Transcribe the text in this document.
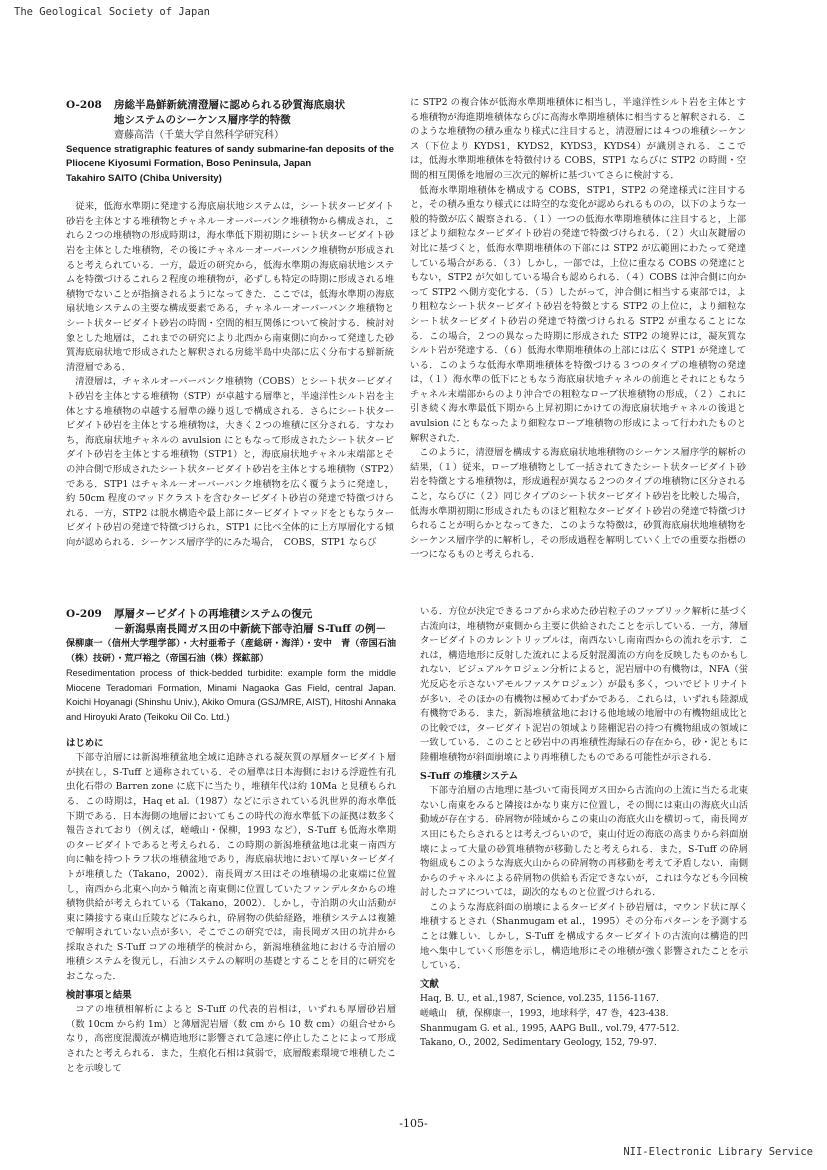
The Geological Society of Japan
O-208 房総半島鮮新統清澄層に認められる砂質海底扇状
地システムのシーケンス層序学的特徴
齋藤高浩（千葉大学自然科学研究科）
Sequence stratigraphic features of sandy submarine-fan deposits of the Pliocene Kiyosumi Formation, Boso Peninsula, Japan
Takahiro SAITO (Chiba University)

従来，低海水準期に発達する海底扇状地システムは，シート状タービダイト砂岩を主体とする堆積物とチャネル－オーバーバンク堆積物から構成され，これら２つの堆積物の形成時期は，海水準低下期初期にシート状タービダイト砂岩を主体とした堆積物，その後にチャネル－オーバーバンク堆積物が形成されると考えられている．一方，最近の研究から，低海水準期の海底扇状地システムを特徴づけるこれら２程度の堆積物が，必ずしも特定の時期に形成される堆積物でないことが指摘されるようになってきた．ここでは，低海水準期の海底扇状地システムの主要な構成要素である，チャネル－オーバーバンク堆積物とシート状タービダイト砂岩の時間・空間的相互関係について検討する．検討対象とした地層は，これまでの研究により北西から南東側に向かって発達した砂質海底扇状地で形成されたと解釈される房総半島中央部に広く分布する鮮新統清澄層である．

清澄層は，チャネルオーバーバンク堆積物（COBS）とシート状タービダイト砂岩を主体とする堆積物（STP）が卓越する層準と，半遠洋性シルト岩を主体とする堆積物の卓越する層準の繰り返しで構成される．さらにシート状タービダイト砂岩を主体とする堆積物は，大きく２つの堆積に区分される．すなわち，海底扇状地チャネルの avulsion にともなって形成されたシート状タービダイト砂岩を主体とする堆積物（STP1）と，海底扇状地チャネル末端部とその沖合側で形成されたシート状タービダイト砂岩を主体とする堆積物（STP2）である．STP1 はチャネル－オーバーバンク堆積物を広く覆うように発達し，約 50cm 程度のマッドクラストを含むタービダイト砂岩の発達で特徴づけられる．一方，STP2 は脱水構造や最上部にタービダイトマッドをともなうタービダイト砂岩の発達で特徴づけられ，STP1 に比べ全体的に上方厚層化する傾向が認められる．シーケンス層序学的にみた場合，　COBS，STP1 ならび

に STP2 の複合体が低海水準期堆積体に相当し，半遠洋性シルト岩を主体とする堆積物が海進期堆積体ならびに高海水準期堆積体に相当すると解釈される．このような堆積物の積み重なり様式に注目すると，清澄層には４つの堆積シーケンス（下位より KYDS1，KYDS2，KYDS3，KYDS4）が識別される．ここでは，低海水準期堆積体を特徴付ける COBS，STP1 ならびに STP2 の時間・空間的相互関係を地層の三次元的解析に基づいてさらに検討する．

低海水準期堆積体を構成する COBS，STP1，STP2 の発達様式に注目すると，その積み重なり様式には時空的な変化が認められるものの，以下のような一般的特徴が広く観察される．（１）一つの低海水準期堆積体に注目すると，上部ほどより細粒なタービダイト砂岩の発達で特徴づけられる．（２）火山灰鍵層の対比に基づくと，低海水準期堆積体の下部には STP2 が広範囲にわたって発達している場合がある．（３）しかし，一部では，上位に重なる COBS の発達にともない，STP2 が欠如している場合も認められる．（４）COBS は沖合側に向かって STP2 へ側方変化する．（５）したがって，沖合側に相当する東部では，より粗粒なシート状タービダイト砂岩を特徴とする STP2 の上位に，より細粒なシート状タービダイト砂岩の発達で特徴づけられる STP2 が重なることになる．この場合，２つの異なった時期に形成された STP2 の境界には，凝灰質なシルト岩が発達する．（６）低海水準期堆積体の上部には広く STP1 が発達している．このような低海水準期堆積体を特徴づける３つのタイプの堆積物の発達は，（１）海水準の低下にともなう海底扇状地チャネルの前進とそれにともなうチャネル末端部からのより沖合での粗粒なローブ状堆積物の形成，（２）これに引き続く海水準最低下期から上昇初期にかけての海底扇状地チャネルの後退と avulsion にともなったより細粒なローブ堆積物の形成によって行われたものと解釈された．

このように，清澄層を構成する海底扇状地堆積物のシーケンス層序学的解析の結果，（１）従来，ローブ堆積物として一括されてきたシート状タービダイト砂岩を特徴とする堆積物は，形成過程が異なる２つのタイプの堆積物に区分されること，ならびに（２）同じタイプのシート状タービダイト砂岩を比較した場合，低海水準期初期に形成されたものほど粗粒なタービダイト砂岩の発達で特徴づけられることが明らかとなってきた．このような特徴は，砂質海底扇状地堆積物をシーケンス層序学的に解析し，その形成過程を解明していく上での重要な指標の一つになるものと考えられる．

O-209 厚層タービダイトの再堆積システムの復元
－新潟県南長岡ガス田の中新統下部寺泊層 S-Tuff の例－
保柳康一（信州大学理学部）・大村亜希子（産総研・海洋）・安中　青（帝国石油（株）技研）・荒戸裕之（帝国石油（株）探鉱部）
Resedimentation process of thick-bedded turbidite: example form the middle Miocene Teradomari Formation, Minami Nagaoka Gas Field, central Japan. Koichi Hoyanagi (Shinshu Univ.), Akiko Omura (GSJ/MRE, AIST), Hitoshi Annaka and Hiroyuki Arato (Teikoku Oil Co. Ltd.)
はじめに

下部寺泊層には新潟堆積盆地全域に追跡される凝灰質の厚層タービダイト層が挟在し，S-Tuff と通称されている．その層準は日本海側における浮遊性有孔虫化石帯の Barren zone に底下に当たり，堆積年代は約 10Ma と見積もられる．この時期は，Haq et al.（1987）などに示されている汎世界的海水準低下期である．日本海側の地層においてもこの時代の海水準低下の証拠は数多く報告されており（例えば，嵯峨山・保柳，1993 など），S-Tuff も低海水準期のタービダイトであると考えられる．この時期の新潟堆積盆地は北東－南西方向に軸を持つトラフ状の堆積盆地であり，海底扇状地において厚いタービダイトが堆積した（Takano，2002）．南長岡ガス田はその堆積場の北東端に位置し，南西から北東へ向かう軸流と南東側に位置していたファンデルタからの堆積物供給が考えられている（Takano，2002）．しかし，寺泊期の火山活動が東に隣接する東山丘陵などにみられ，砕屑物の供給経路，堆積システムは複雑で解明されていない点が多い．そこでこの研究では，南長岡ガス田の坑井から採取された S-Tuff コアの堆積学的検討から，新潟堆積盆地における寺泊層の堆積システムを復元し，石油システムの解明の基礎とすることを目的に研究をおこなった．

検討事項と結果

コアの堆積相解析によると S-Tuff の代表的岩相は，いずれも厚層砂岩層（数 10cm から約 1m）と薄層泥岩層（数 cm から 10 数 cm）の組合せからなり，高密度混濁流が構造地形に影響されて急速に停止したことによって形成されたと考えられる．また，生痕化石相は貧弱で，底層酸素環境で堆積したことを示唆して

いる．方位が決定できるコアから求めた砂岩粒子のファブリック解析に基づく古流向は，堆積物が東側から主要に供給されたことを示している．一方，薄層タービダイトのカレントリップルは，南西ないし南南西からの流れを示す．これは，構造地形に反射した流れによる反射混濁流の方向を反映したものかもしれない．ビジュアルケロジェン分析によると，泥岩層中の有機物は，NFA（蛍光反応を示さないアモルファスケロジェン）が最も多く，ついでビトリナイトが多い．そのほかの有機物は極めてわずかである．これらは，いずれも陸源成有機物である．また，新潟堆積盆地における他地域の地層中の有機物組成比との比較では，タービダイト泥岩の領域より陸棚泥岩の持つ有機物組成の領域に一致している．このことと砂岩中の再堆積性海緑石の存在から，砂・泥ともに陸棚堆積物が斜面崩壊により再堆積したものである可能性が示される．

S-Tuff の堆積システム

下部寺泊層の古地理に基づいて南長岡ガス田から古流向の上流に当たる北東ないし南東をみると隣接はかなり東方に位置し，その間には東山の海底火山活動域が存在する．砕屑物が陸域からこの東山の海底火山を横切って，南長岡ガス田にもたらされるとは考えづらいので，東山付近の海底の高まりから斜面崩壊によって大量の砂質堆積物が移動したと考えられる．また，S-Tuff の砕屑物組成もこのような海底火山からの砕屑物の再移動を考えて矛盾しない．南側からのチャネルによる砕屑物の供給も否定できないが，これは今なども今回検討したコアについては，副次的なものと位置づけられる．

このような海底斜面の崩壊によるタービダイト砂岩層は，マウンド状に厚く堆積するとされ（Shanmugam et al.，1995）その分布パターンを予測することは難しい．しかし，S-Tuff を構成するタービダイトの古流向は構造的凹地へ集中していく形態を示し，構造地形にその堆積が強く影響されたことを示している．

文献
Haq, B. U., et al.,1987, Science, vol.235, 1156-1167.
嵯峨山　積，保柳康一，1993，地球科学，47 巻，423-438.
Shanmugam G. et al., 1995, AAPG Bull., vol.79, 477-512.
Takano, O., 2002, Sedimentary Geology, 152, 79-97.
-105-
NII-Electronic Library Service
